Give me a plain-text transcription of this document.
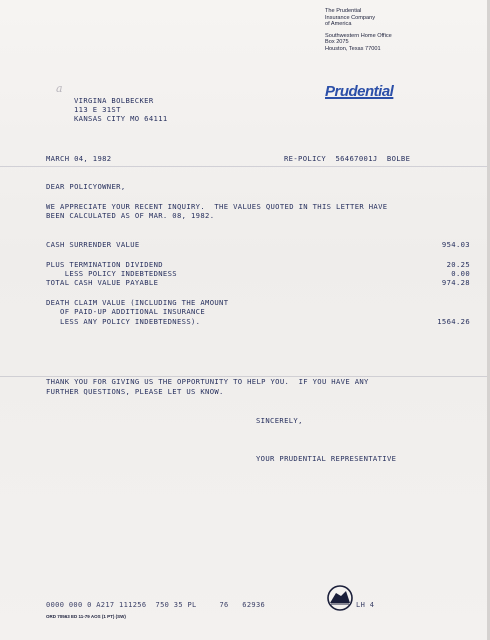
The Prudential
Insurance Company
of America
Southwestern Home Office
Box 2075
Houston, Texas 77001
Prudential
a
VIRGINA BOLBECKER
113 E 31ST
KANSAS CITY MO 64111
MARCH 04, 1982	RE-POLICY  56467001J  BOLBE
DEAR POLICYOWNER,
WE APPRECIATE YOUR RECENT INQUIRY.  THE VALUES QUOTED IN THIS LETTER HAVE
BEEN CALCULATED AS OF MAR. 08, 1982.
CASH SURRENDER VALUE	954.03
PLUS TERMINATION DIVIDEND	20.25
LESS POLICY INDEBTEDNESS	0.00
TOTAL CASH VALUE PAYABLE	974.28
DEATH CLAIM VALUE (INCLUDING THE AMOUNT
OF PAID-UP ADDITIONAL INSURANCE
LESS ANY POLICY INDEBTEDNESS).	1564.26
THANK YOU FOR GIVING US THE OPPORTUNITY TO HELP YOU.  IF YOU HAVE ANY
FURTHER QUESTIONS, PLEASE LET US KNOW.
SINCERELY,
YOUR PRUDENTIAL REPRESENTATIVE
0000 000 0 A217 111256  750 35 PL     76   62936	LH 4
ORD 70563 ED 11-79 AOS (1 PT) (SW)
